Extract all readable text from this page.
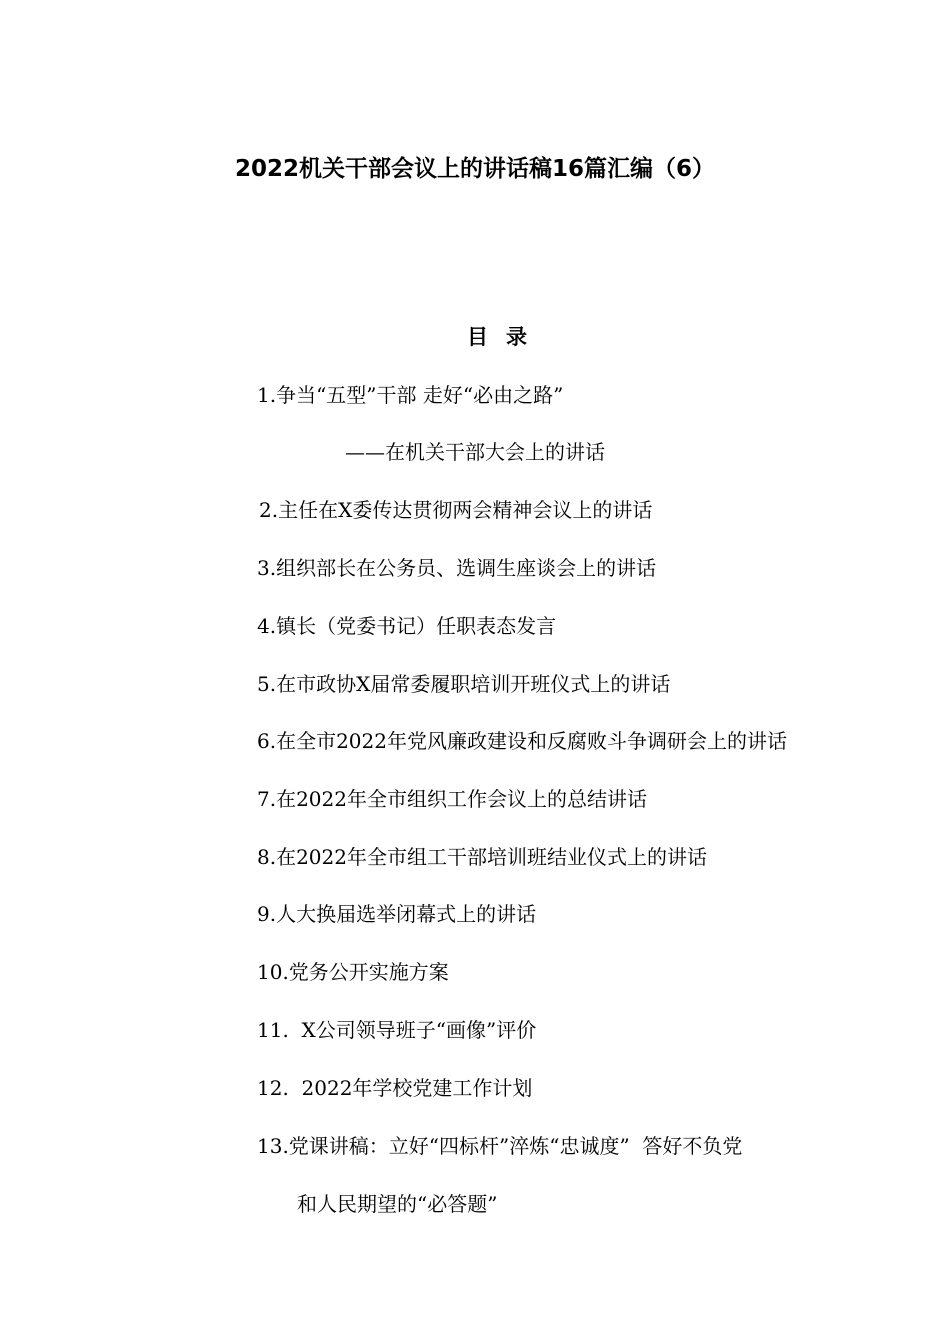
2022机关干部会议上的讲话稿16篇汇编（6）
目录

1.争当“五型”干部 走好“必由之路”

——在机关干部大会上的讲话

2.主任在X委传达贯彻两会精神会议上的讲话

3.组织部长在公务员、选调生座谈会上的讲话

4.镇长（党委书记）任职表态发言

5.在市政协X届常委履职培训开班仪式上的讲话

6.在全市2022年党风廉政建设和反腐败斗争调研会上的讲话

7.在2022年全市组织工作会议上的总结讲话

8.在2022年全市组工干部培训班结业仪式上的讲话

9.人大换届选举闭幕式上的讲话

10.党务公开实施方案

11.  X公司领导班子“画像”评价

12.  2022年学校党建工作计划

13.党课讲稿：立好“四标杆”淬炼“忠诚度”  答好不负党

和人民期望的“必答题”
